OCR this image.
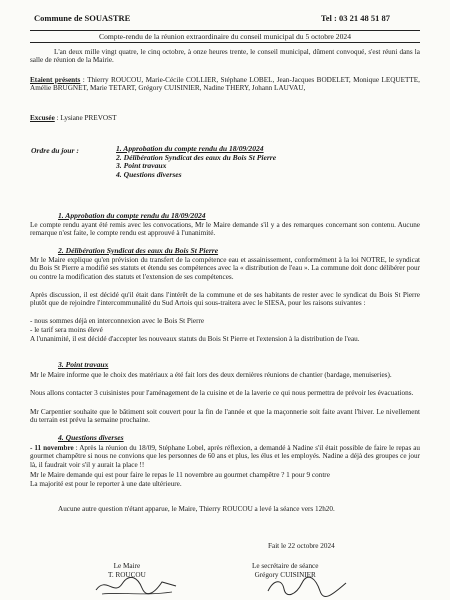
Commune de SOUASTRE	Tel : 03 21 48 51 87
Compte-rendu de la réunion extraordinaire du conseil municipal du 5 octobre 2024
L'an deux mille vingt quatre, le cinq octobre, à onze heures trente, le conseil municipal, dûment convoqué, s'est réuni dans la salle de réunion de la Mairie.
Etaient présents : Thierry ROUCOU, Marie-Cécile COLLIER, Stéphane LOBEL, Jean-Jacques BODELET, Monique LEQUETTE, Amélie BRUGNET, Marie TETART, Grégory CUISINIER, Nadine THERY, Johann LAUVAU,
Excusée : Lysiane PREVOST
Ordre du jour :	1. Approbation du compte rendu du 18/09/2024
2. Délibération Syndicat des eaux du Bois St Pierre
3. Point travaux
4. Questions diverses
1. Approbation du compte rendu du 18/09/2024
Le compte rendu ayant été remis avec les convocations, Mr le Maire demande s'il y a des remarques concernant son contenu. Aucune remarque n'est faite, le compte rendu est approuvé à l'unanimité.
2. Délibération Syndicat des eaux du Bois St Pierre
Mr le Maire explique qu'en prévision du transfert de la compétence eau et assainissement, conformément à la loi NOTRE, le syndicat du Bois St Pierre a modifié ses statuts et étendu ses compétences avec la « distribution de l'eau ». La commune doit donc délibérer pour ou contre la modification des statuts et l'extension de ses compétences.
Après discussion, il est décidé qu'il était dans l'intérêt de la commune et de ses habitants de rester avec le syndicat du Bois St Pierre plutôt que de rejoindre l'intercommunalité du Sud Artois qui sous-traitera avec le SIESA, pour les raisons suivantes :
- nous sommes déjà en interconnexion avec le Bois St Pierre
- le tarif sera moins élevé
A l'unanimité, il est décidé d'accepter les nouveaux statuts du Bois St Pierre et l'extension à la distribution de l'eau.
3. Point travaux
Mr le Maire informe que le choix des matériaux a été fait lors des deux dernières réunions de chantier (bardage, menuiseries).
Nous allons contacter 3 cuisinistes pour l'aménagement de la cuisine et de la laverie ce qui nous permettra de prévoir les évacuations.
Mr Carpentier souhaite que le bâtiment soit couvert pour la fin de l'année et que la maçonnerie soit faite avant l'hiver. Le nivellement du terrain est prévu la semaine prochaine.
4. Questions diverses
- 11 novembre : Après la réunion du 18/09, Stéphane Lobel, après réflexion, a demandé à Nadine s'il était possible de faire le repas au gourmet champêtre si nous ne convions que les personnes de 60 ans et plus, les élus et les employés. Nadine a déjà des groupes ce jour là, il faudrait voir s'il y aurait la place !!
Mr le Maire demande qui est pour faire le repas le 11 novembre au gourmet champêtre ? 1 pour 9 contre
La majorité est pour le reporter à une date ultérieure.
Aucune autre question n'étant apparue, le Maire, Thierry ROUCOU a levé la séance vers 12h20.
Fait le 22 octobre 2024
Le Maire
T. ROUCOU
Le secrétaire de séance
Grégory CUISINIER
